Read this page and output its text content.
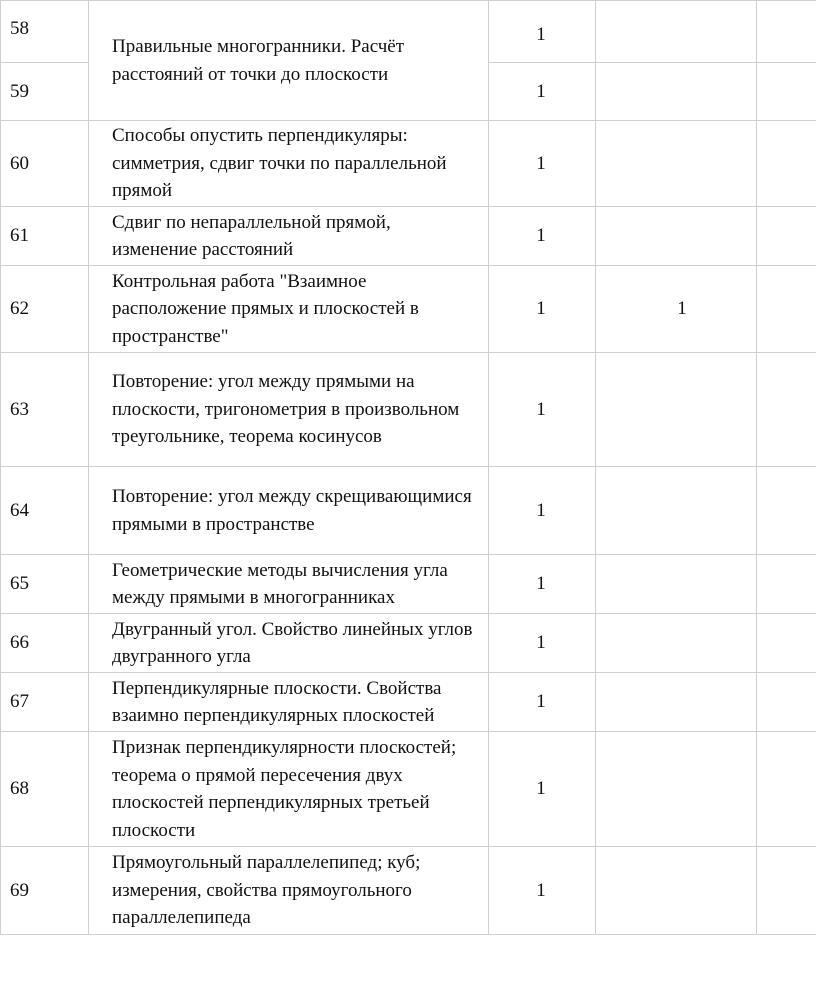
58	Правильные многогранники. Расчёт расстояний от точки до плоскости	1		
59		1		
60	Способы опустить перпендикуляры: симметрия, сдвиг точки по параллельной прямой	1		
61	Сдвиг по непараллельной прямой, изменение расстояний	1		
62	Контрольная работа "Взаимное расположение прямых и плоскостей в пространстве"	1	1	
63	Повторение: угол между прямыми на плоскости, тригонометрия в произвольном треугольнике, теорема косинусов	1		
64	Повторение: угол между скрещивающимися прямыми в пространстве	1		
65	Геометрические методы вычисления угла между прямыми в многогранниках	1		
66	Двугранный угол. Свойство линейных углов двугранного угла	1		
67	Перпендикулярные плоскости. Свойства взаимно перпендикулярных плоскостей	1		
68	Признак перпендикулярности плоскостей; теорема о прямой пересечения двух плоскостей перпендикулярных третьей плоскости	1		
69	Прямоугольный параллелепипед; куб; измерения, свойства прямоугольного параллелепипеда	1		
